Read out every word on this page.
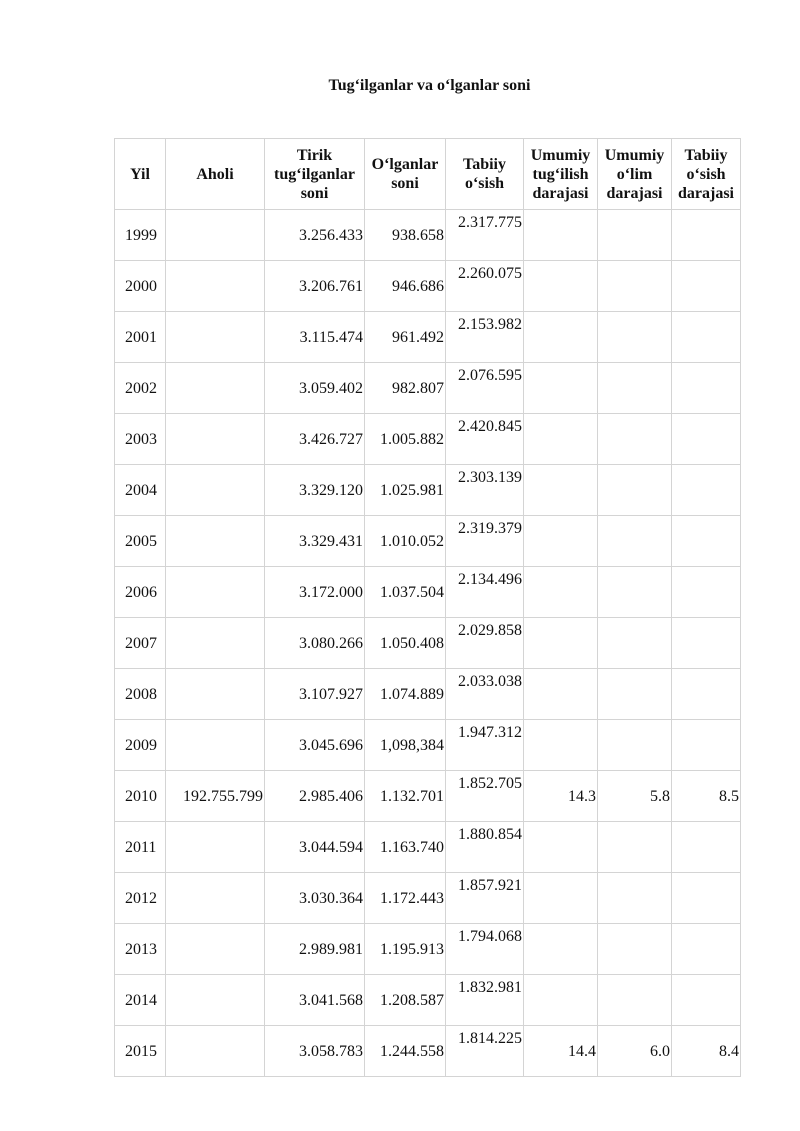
Tug‘ilganlar va o‘lganlar soni
Yil	Aholi	Tirik tug‘ilganlar soni	O‘lganlar soni	Tabiiy o‘sish	Umumiy tug‘ilish darajasi	Umumiy o‘lim darajasi	Tabiiy o‘sish darajasi
1999		3.256.433	938.658	2.317.775			
2000		3.206.761	946.686	2.260.075			
2001		3.115.474	961.492	2.153.982			
2002		3.059.402	982.807	2.076.595			
2003		3.426.727	1.005.882	2.420.845			
2004		3.329.120	1.025.981	2.303.139			
2005		3.329.431	1.010.052	2.319.379			
2006		3.172.000	1.037.504	2.134.496			
2007		3.080.266	1.050.408	2.029.858			
2008		3.107.927	1.074.889	2.033.038			
2009		3.045.696	1,098,384	1.947.312			
2010	192.755.799	2.985.406	1.132.701	1.852.705	14.3	5.8	8.5
2011		3.044.594	1.163.740	1.880.854			
2012		3.030.364	1.172.443	1.857.921			
2013		2.989.981	1.195.913	1.794.068			
2014		3.041.568	1.208.587	1.832.981			
2015		3.058.783	1.244.558	1.814.225	14.4	6.0	8.4
